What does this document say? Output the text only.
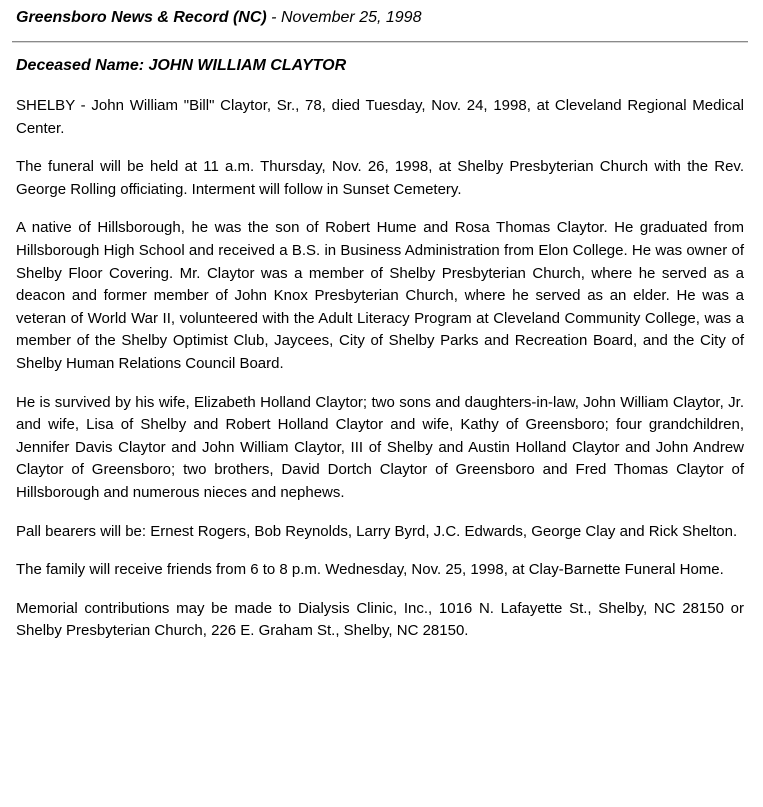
Greensboro News & Record (NC) - November 25, 1998
Deceased Name: JOHN WILLIAM CLAYTOR

SHELBY - John William "Bill" Claytor, Sr., 78, died Tuesday, Nov. 24, 1998, at Cleveland Regional Medical Center.

The funeral will be held at 11 a.m. Thursday, Nov. 26, 1998, at Shelby Presbyterian Church with the Rev. George Rolling officiating. Interment will follow in Sunset Cemetery.

A native of Hillsborough, he was the son of Robert Hume and Rosa Thomas Claytor. He graduated from Hillsborough High School and received a B.S. in Business Administration from Elon College. He was owner of Shelby Floor Covering. Mr. Claytor was a member of Shelby Presbyterian Church, where he served as a deacon and former member of John Knox Presbyterian Church, where he served as an elder. He was a veteran of World War II, volunteered with the Adult Literacy Program at Cleveland Community College, was a member of the Shelby Optimist Club, Jaycees, City of Shelby Parks and Recreation Board, and the City of Shelby Human Relations Council Board.

He is survived by his wife, Elizabeth Holland Claytor; two sons and daughters-in-law, John William Claytor, Jr. and wife, Lisa of Shelby and Robert Holland Claytor and wife, Kathy of Greensboro; four grandchildren, Jennifer Davis Claytor and John William Claytor, III of Shelby and Austin Holland Claytor and John Andrew Claytor of Greensboro; two brothers, David Dortch Claytor of Greensboro and Fred Thomas Claytor of Hillsborough and numerous nieces and nephews.

Pall bearers will be: Ernest Rogers, Bob Reynolds, Larry Byrd, J.C. Edwards, George Clay and Rick Shelton.

The family will receive friends from 6 to 8 p.m. Wednesday, Nov. 25, 1998, at Clay-Barnette Funeral Home.

Memorial contributions may be made to Dialysis Clinic, Inc., 1016 N. Lafayette St., Shelby, NC 28150 or Shelby Presbyterian Church, 226 E. Graham St., Shelby, NC 28150.
